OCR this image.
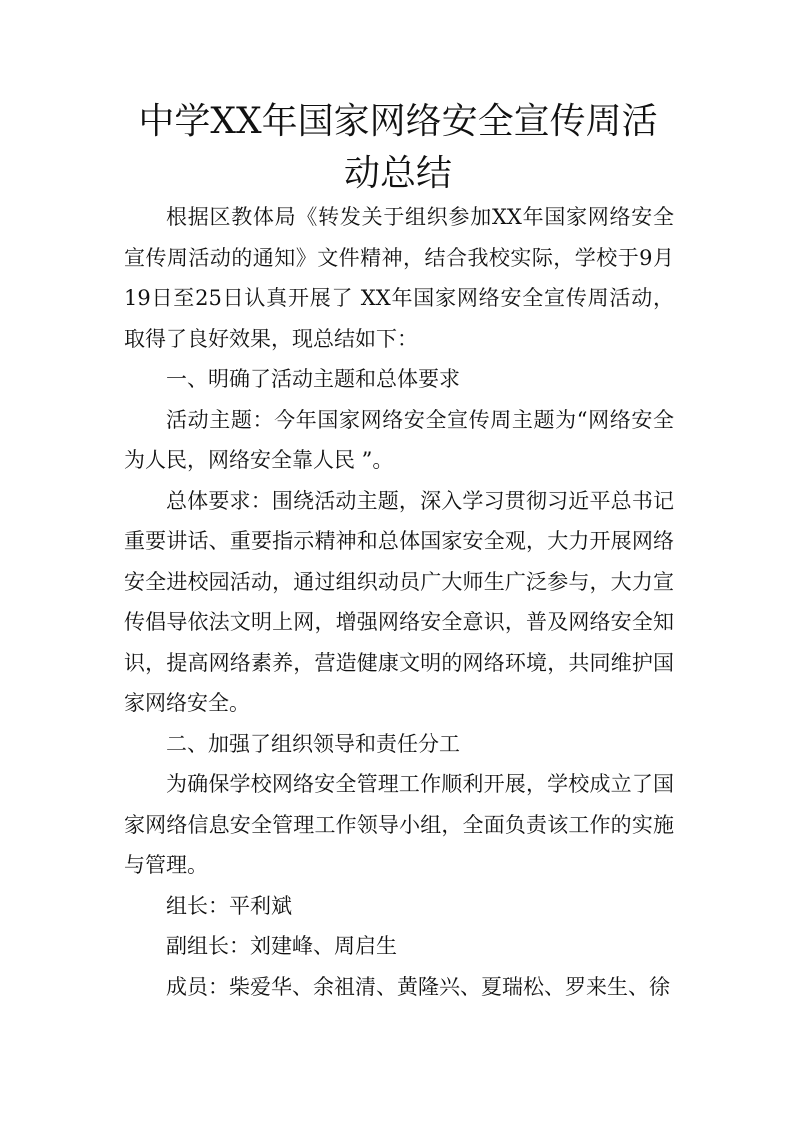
中学XX年国家网络安全宣传周活动总结

根据区教体局《转发关于组织参加XX年国家网络安全宣传周活动的通知》文件精神，结合我校实际，学校于9月19日至25日认真开展了 XX年国家网络安全宣传周活动，取得了良好效果，现总结如下：

一、明确了活动主题和总体要求

活动主题：今年国家网络安全宣传周主题为“网络安全为人民，网络安全靠人民 ”。

总体要求：围绕活动主题，深入学习贯彻习近平总书记重要讲话、重要指示精神和总体国家安全观，大力开展网络安全进校园活动，通过组织动员广大师生广泛参与，大力宣传倡导依法文明上网，增强网络安全意识，普及网络安全知识，提高网络素养，营造健康文明的网络环境，共同维护国家网络安全。

二、加强了组织领导和责任分工

为确保学校网络安全管理工作顺利开展，学校成立了国家网络信息安全管理工作领导小组，全面负责该工作的实施与管理。

组长：平利斌

副组长：刘建峰、周启生

成员：柴爱华、余祖清、黄隆兴、夏瑞松、罗来生、徐
